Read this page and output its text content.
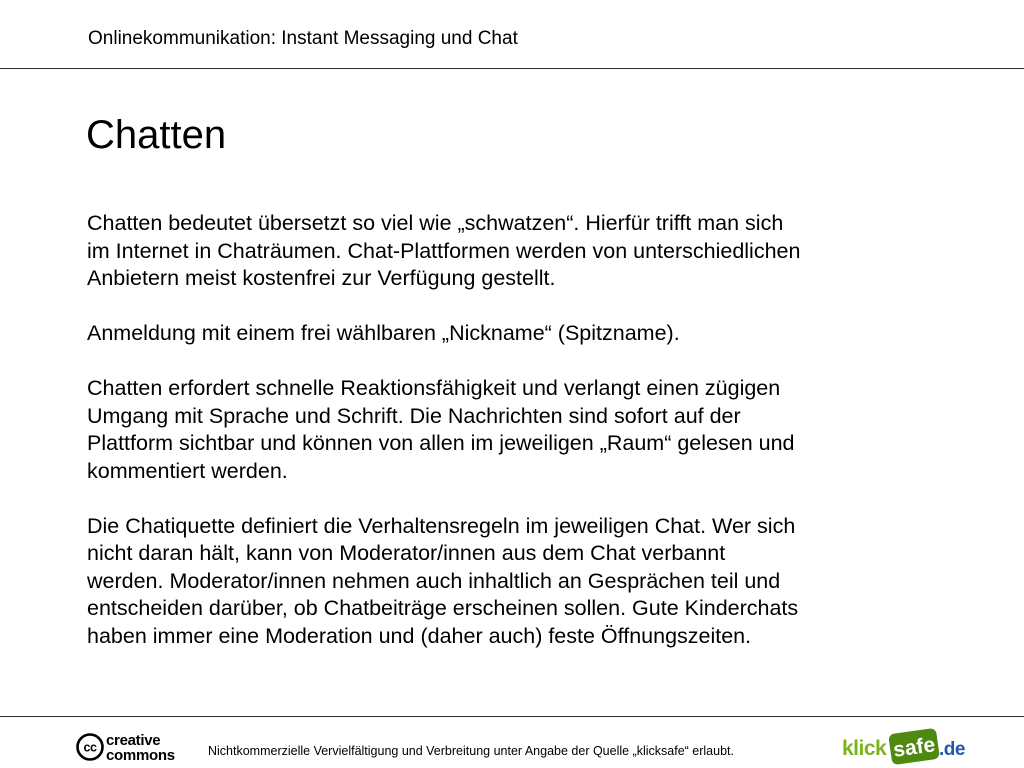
Onlinekommunikation: Instant Messaging und Chat
Chatten

Chatten bedeutet übersetzt so viel wie „schwatzen“. Hierfür trifft man sich
im Internet in Chaträumen. Chat-Plattformen werden von unterschiedlichen
Anbietern meist kostenfrei zur Verfügung gestellt.

Anmeldung mit einem frei wählbaren „Nickname“ (Spitzname).

Chatten erfordert schnelle Reaktionsfähigkeit und verlangt einen zügigen
Umgang mit Sprache und Schrift. Die Nachrichten sind sofort auf der
Plattform sichtbar und können von allen im jeweiligen „Raum“ gelesen und
kommentiert werden.

Die Chatiquette definiert die Verhaltensregeln im jeweiligen Chat. Wer sich
nicht daran hält, kann von Moderator/innen aus dem Chat verbannt
werden. Moderator/innen nehmen auch inhaltlich an Gesprächen teil und
entscheiden darüber, ob Chatbeiträge erscheinen sollen. Gute Kinderchats
haben immer eine Moderation und (daher auch) feste Öffnungszeiten.

cc creative
commons	Nichtkommerzielle Vervielfältigung und Verbreitung unter Angabe der Quelle „klicksafe“ erlaubt.	klick safe .de
